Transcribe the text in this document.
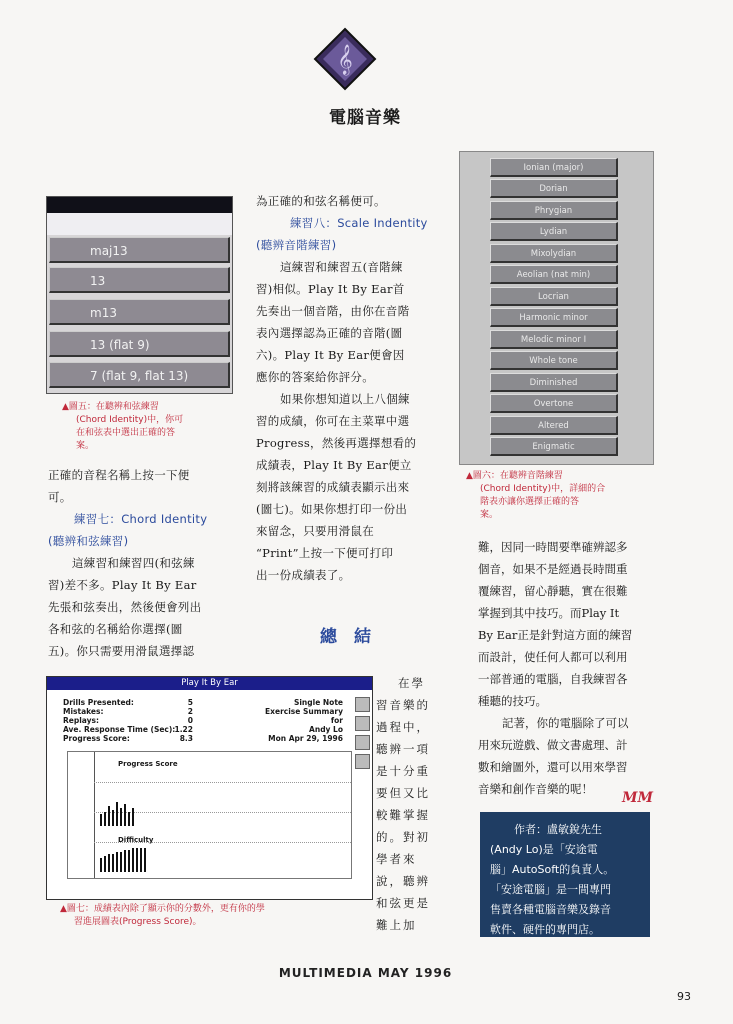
𝄞
電腦音樂
maj13
13
m13
13 (flat 9)
7 (flat 9, flat 13)
▲圖五：在聽辨和弦練習
(Chord Identity)中，你可
在和弦表中選出正確的答
案。
正確的音程名稱上按一下便
可。
練習七：Chord Identity
(聽辨和弦練習)
這練習和練習四(和弦練
習)差不多。Play It By Ear
先張和弦奏出，然後便會列出
各和弦的名稱給你選擇(圖
五)。你只需要用滑鼠選擇認
為正確的和弦名稱便可。
練習八：Scale Indentity
(聽辨音階練習)
這練習和練習五(音階練
習)相似。Play It By Ear首
先奏出一個音階，由你在音階
表內選擇認為正確的音階(圖
六)。Play It By Ear便會因
應你的答案給你評分。
如果你想知道以上八個練
習的成績，你可在主菜單中選
Progress，然後再選擇想看的
成績表，Play It By Ear便立
刻將該練習的成績表顯示出來
(圖七)。如果你想打印一份出
來留念，只要用滑鼠在
“Print”上按一下便可打印
出一份成績表了。
總　結
在學
習音樂的
過程中，
聽辨一項
是十分重
要但又比
較難掌握
的。對初
學者來
說，聽辨
和弦更是
難上加
Ionian (major)
Dorian
Phrygian
Lydian
Mixolydian
Aeolian (nat min)
Locrian
Harmonic minor
Melodic minor I
Whole tone
Diminished
Overtone
Altered
Enigmatic
▲圖六：在聽辨音階練習
(Chord Identity)中，詳細的合
階表亦讓你選擇正確的答
案。
難，因同一時間要準確辨認多
個音，如果不是經過長時間重
覆練習，留心靜聽，實在很難
掌握到其中技巧。而Play It
By Ear正是針對這方面的練習
而設計，使任何人都可以利用
一部普通的電腦，自我練習各
種聽的技巧。
記著，你的電腦除了可以
用來玩遊戲、做文書處理、計
數和繪圖外，還可以用來學習
音樂和創作音樂的呢！
MM
Play It By Ear
Drills Presented:
Mistakes:
Replays:
Ave. Response Time (Sec):
Progress Score:
5
2
0
1.22
8.3
Single Note
Exercise Summary
for
Andy Lo
Mon Apr 29, 1996
Progress Score
Difficulty
▲圖七：成績表內除了顯示你的分數外，更有你的學
習進展圖表(Progress Score)。
作者：盧敏銳先生
(Andy Lo)是「安途電
腦」AutoSoft的負責人。
「安途電腦」是一間專門
售賣各種電腦音樂及錄音
軟件、硬件的專門店。
MULTIMEDIA MAY 1996
93
